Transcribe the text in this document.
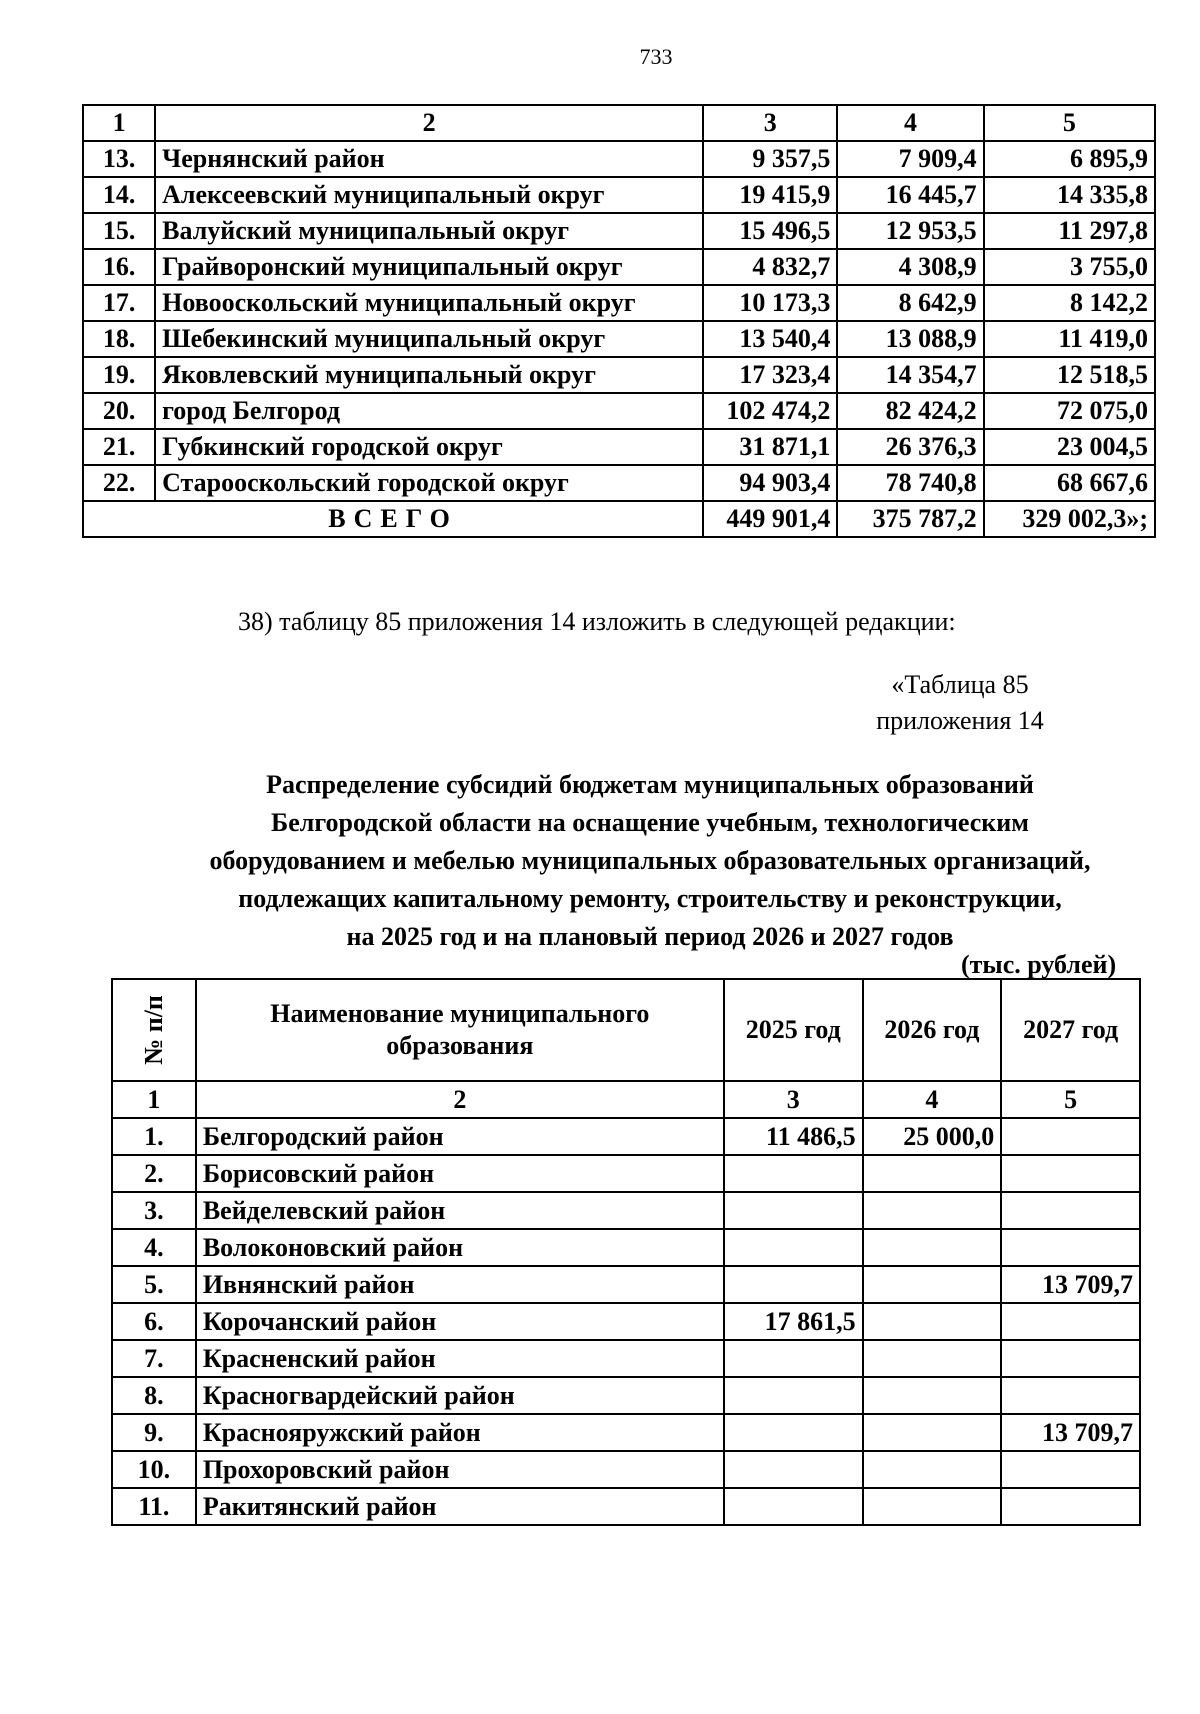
733
1	2	3	4	5
13.	Чернянский район	9 357,5	7 909,4	6 895,9
14.	Алексеевский муниципальный округ	19 415,9	16 445,7	14 335,8
15.	Валуйский муниципальный округ	15 496,5	12 953,5	11 297,8
16.	Грайворонский муниципальный округ	4 832,7	4 308,9	3 755,0
17.	Новооскольский муниципальный округ	10 173,3	8 642,9	8 142,2
18.	Шебекинский муниципальный округ	13 540,4	13 088,9	11 419,0
19.	Яковлевский муниципальный округ	17 323,4	14 354,7	12 518,5
20.	город Белгород	102 474,2	82 424,2	72 075,0
21.	Губкинский городской округ	31 871,1	26 376,3	23 004,5
22.	Старооскольский городской округ	94 903,4	78 740,8	68 667,6
ВСЕГО		449 901,4	375 787,2	329 002,3»;
38) таблицу 85 приложения 14 изложить в следующей редакции:
«Таблица 85
приложения 14
Распределение субсидий бюджетам муниципальных образований
Белгородской области на оснащение учебным, технологическим
оборудованием и мебелью муниципальных образовательных организаций,
подлежащих капитальному ремонту, строительству и реконструкции,
на 2025 год и на плановый период 2026 и 2027 годов
(тыс. рублей)
№ п/п	Наименование муниципального
образования	2025 год	2026 год	2027 год
1	2	3	4	5
1.	Белгородский район	11 486,5	25 000,0	
2.	Борисовский район			
3.	Вейделевский район			
4.	Волоконовский район			
5.	Ивнянский район			13 709,7
6.	Корочанский район	17 861,5		
7.	Красненский район			
8.	Красногвардейский район			
9.	Краснояружский район			13 709,7
10.	Прохоровский район			
11.	Ракитянский район			
